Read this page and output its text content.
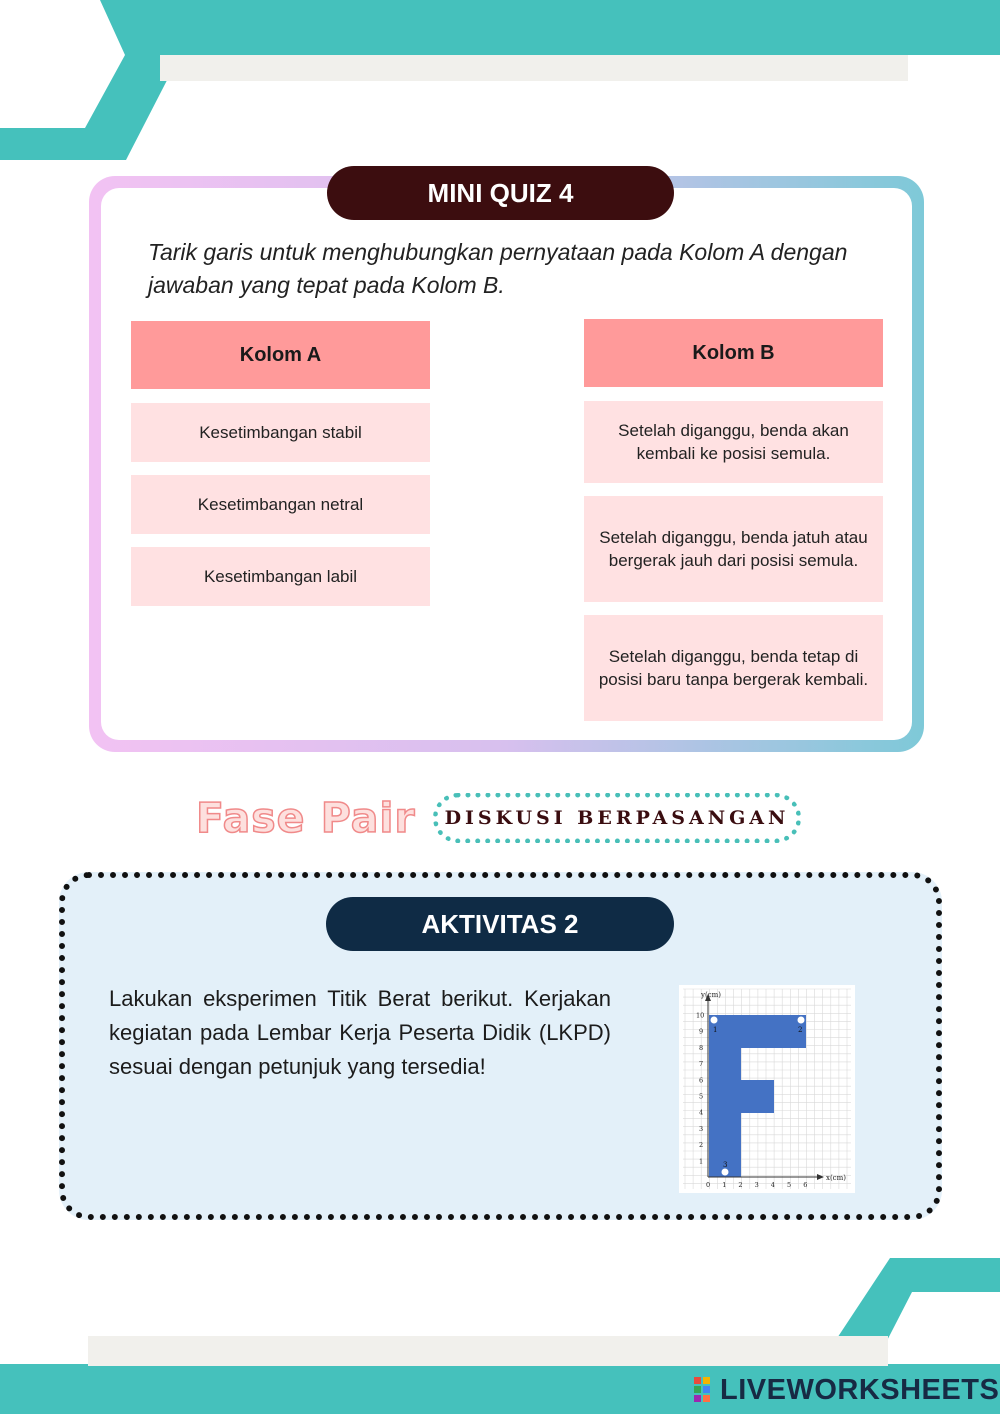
MINI QUIZ 4
Tarik garis untuk menghubungkan pernyataan pada Kolom A dengan jawaban yang tepat pada Kolom B.
Kolom A
Kesetimbangan stabil
Kesetimbangan netral
Kesetimbangan labil
Kolom B
Setelah diganggu, benda akan kembali ke posisi semula.
Setelah diganggu, benda jatuh atau bergerak jauh dari posisi semula.
Setelah diganggu, benda tetap di posisi baru tanpa bergerak kembali.
Fase Pair	DISKUSI BERPASANGAN
AKTIVITAS 2
Lakukan eksperimen Titik Berat berikut. Kerjakan kegiatan pada Lembar Kerja Peserta Didik (LKPD) sesuai dengan petunjuk yang tersedia!
0 1 2 3 4 5 6
1
2
3
4
5
6
7
8
9
10
1	2
3
y(cm)
x(cm)
LIVEWORKSHEETS
